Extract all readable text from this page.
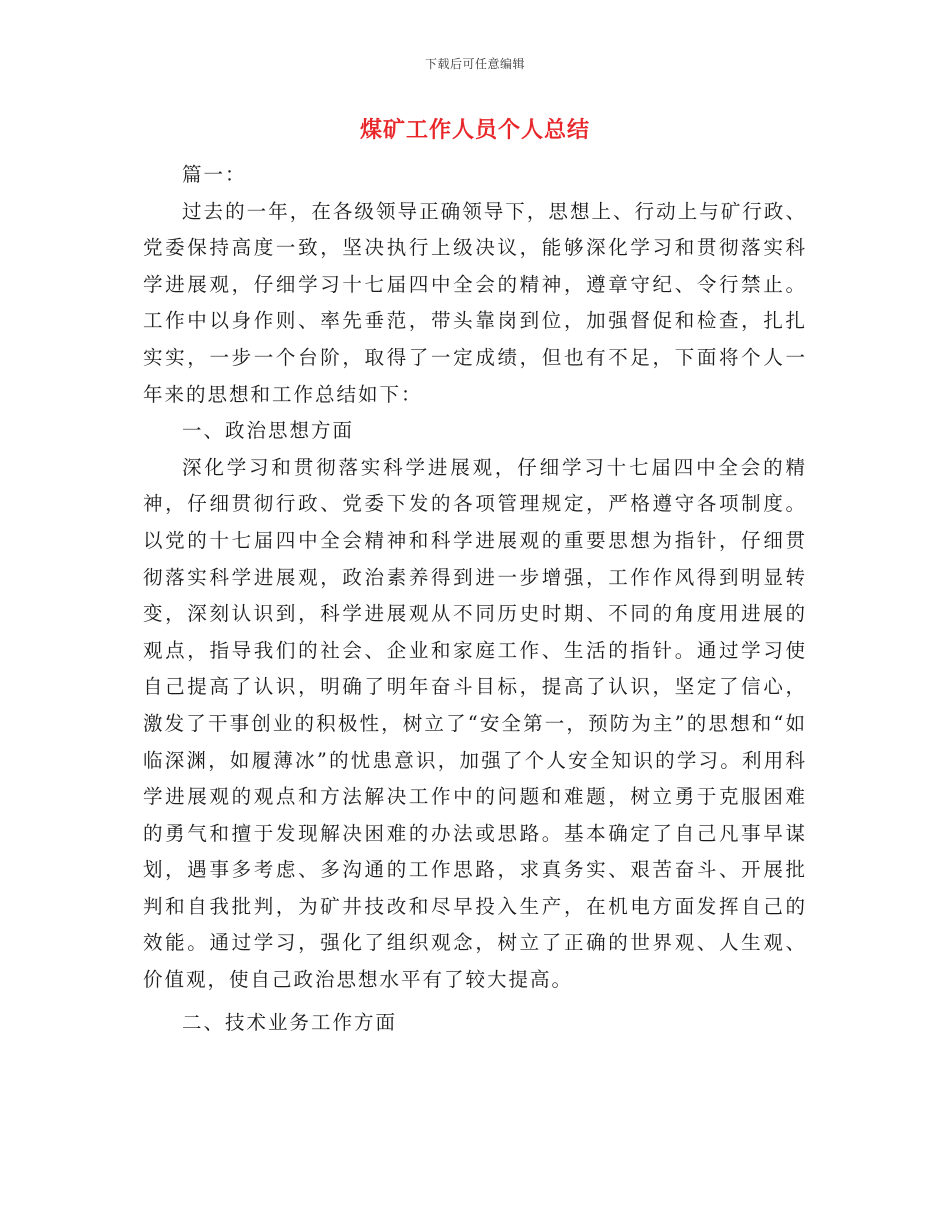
下载后可任意编辑
煤矿工作人员个人总结

篇一：

过去的一年，在各级领导正确领导下，思想上、行动上与矿行政、党委保持高度一致，坚决执行上级决议，能够深化学习和贯彻落实科学进展观，仔细学习十七届四中全会的精神，遵章守纪、令行禁止。工作中以身作则、率先垂范，带头靠岗到位，加强督促和检查，扎扎实实，一步一个台阶，取得了一定成绩，但也有不足，下面将个人一年来的思想和工作总结如下：

一、政治思想方面

深化学习和贯彻落实科学进展观，仔细学习十七届四中全会的精神，仔细贯彻行政、党委下发的各项管理规定，严格遵守各项制度。以党的十七届四中全会精神和科学进展观的重要思想为指针，仔细贯彻落实科学进展观，政治素养得到进一步增强，工作作风得到明显转变，深刻认识到，科学进展观从不同历史时期、不同的角度用进展的观点，指导我们的社会、企业和家庭工作、生活的指针。通过学习使自己提高了认识，明确了明年奋斗目标，提高了认识，坚定了信心，激发了干事创业的积极性，树立了“安全第一，预防为主”的思想和“如临深渊，如履薄冰”的忧患意识，加强了个人安全知识的学习。利用科学进展观的观点和方法解决工作中的问题和难题，树立勇于克服困难的勇气和擅于发现解决困难的办法或思路。基本确定了自己凡事早谋划，遇事多考虑、多沟通的工作思路，求真务实、艰苦奋斗、开展批判和自我批判，为矿井技改和尽早投入生产，在机电方面发挥自己的效能。通过学习，强化了组织观念，树立了正确的世界观、人生观、价值观，使自己政治思想水平有了较大提高。

二、技术业务工作方面
